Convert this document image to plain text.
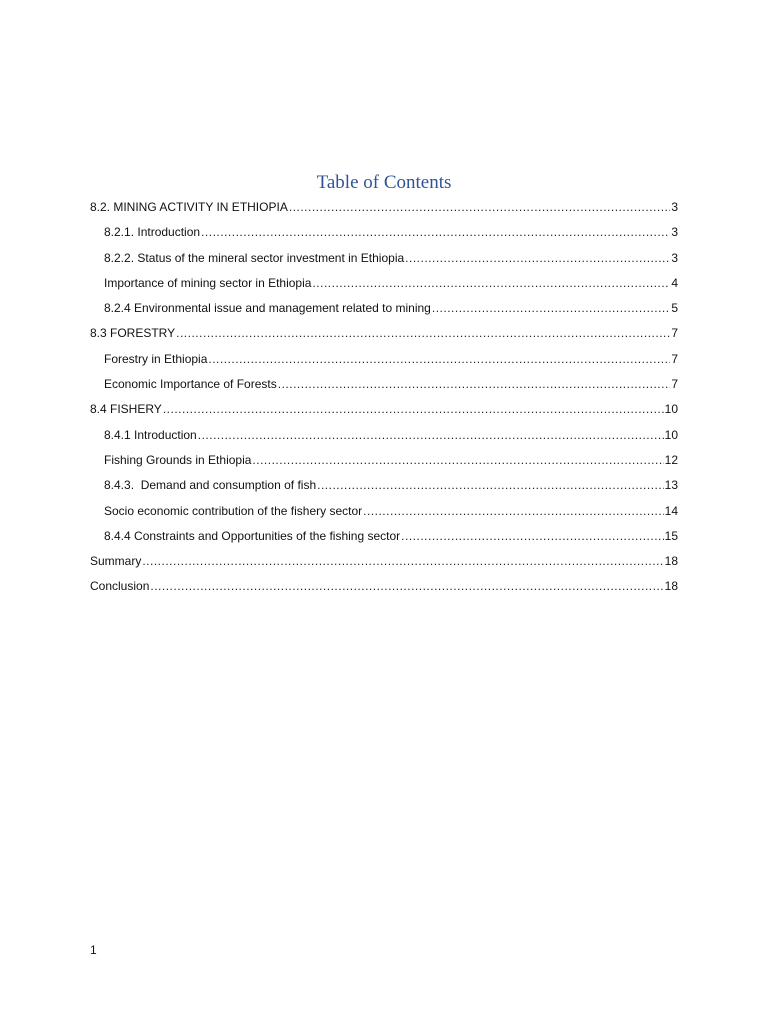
Table of Contents
8.2. MINING ACTIVITY IN ETHIOPIA .....	3
8.2.1. Introduction .....	3
8.2.2. Status of the mineral sector investment in Ethiopia .....	3
Importance of mining sector in Ethiopia .....	4
8.2.4 Environmental issue and management related to mining .....	5
8.3 FORESTRY .....	7
Forestry in Ethiopia .....	7
Economic Importance of Forests .....	7
8.4 FISHERY .....	10
8.4.1 Introduction .....	10
Fishing Grounds in Ethiopia .....	12
8.4.3.  Demand and consumption of fish .....	13
Socio economic contribution of the fishery sector .....	14
8.4.4 Constraints and Opportunities of the fishing sector .....	15
Summary .....	18
Conclusion .....	18
1
